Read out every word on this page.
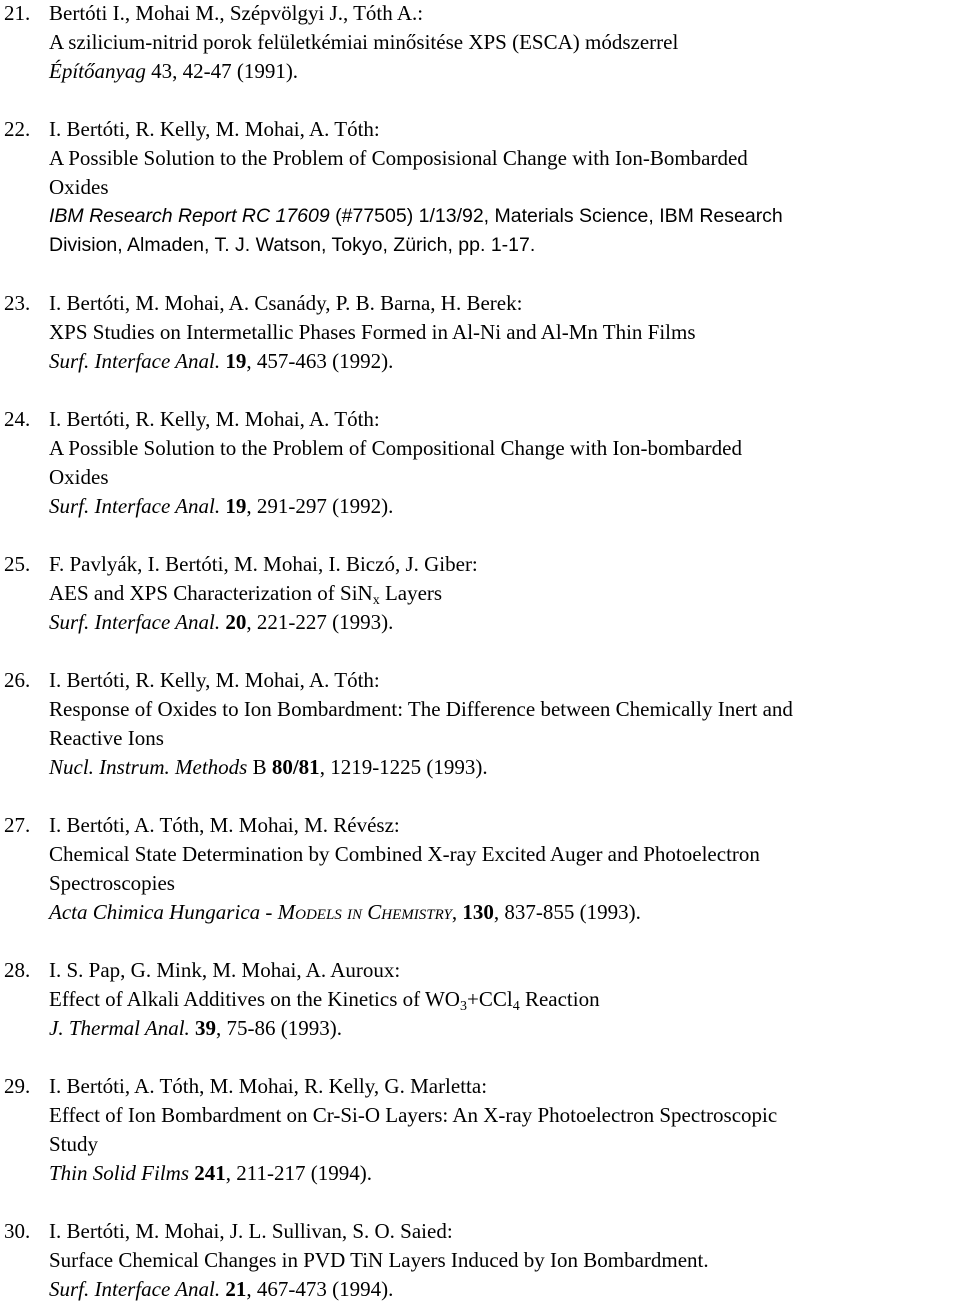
21. Bertóti I., Mohai M., Szépvölgyi J., Tóth A.:
A szilicium-nitrid porok felületkémiai minősitése XPS (ESCA) módszerrel
Építőanyag 43, 42-47 (1991).
22. I. Bertóti, R. Kelly, M. Mohai, A. Tóth:
A Possible Solution to the Problem of Composisional Change with Ion-Bombarded
Oxides
IBM Research Report RC 17609 (#77505) 1/13/92, Materials Science, IBM Research
Division, Almaden, T. J. Watson, Tokyo, Zürich, pp. 1-17.
23. I. Bertóti, M. Mohai, A. Csanády, P. B. Barna, H. Berek:
XPS Studies on Intermetallic Phases Formed in Al-Ni and Al-Mn Thin Films
Surf. Interface Anal. 19, 457-463 (1992).
24. I. Bertóti, R. Kelly, M. Mohai, A. Tóth:
A Possible Solution to the Problem of Compositional Change with Ion-bombarded
Oxides
Surf. Interface Anal. 19, 291-297 (1992).
25. F. Pavlyák, I. Bertóti, M. Mohai, I. Biczó, J. Giber:
AES and XPS Characterization of SiN$_x$ Layers
Surf. Interface Anal. 20, 221-227 (1993).
26. I. Bertóti, R. Kelly, M. Mohai, A. Tóth:
Response of Oxides to Ion Bombardment: The Difference between Chemically Inert and
Reactive Ions
Nucl. Instrum. Methods B 80/81, 1219-1225 (1993).
27. I. Bertóti, A. Tóth, M. Mohai, M. Révész:
Chemical State Determination by Combined X-ray Excited Auger and Photoelectron
Spectroscopies
Acta Chimica Hungarica - Models in Chemistry, 130, 837-855 (1993).
28. I. S. Pap, G. Mink, M. Mohai, A. Auroux:
Effect of Alkali Additives on the Kinetics of $WO_3+CCl_4$ Reaction
J. Thermal Anal. 39, 75-86 (1993).
29. I. Bertóti, A. Tóth, M. Mohai, R. Kelly, G. Marletta:
Effect of Ion Bombardment on Cr-Si-O Layers: An X-ray Photoelectron Spectroscopic
Study
Thin Solid Films 241, 211-217 (1994).
30. I. Bertóti, M. Mohai, J. L. Sullivan, S. O. Saied:
Surface Chemical Changes in PVD TiN Layers Induced by Ion Bombardment.
Surf. Interface Anal. 21, 467-473 (1994).
